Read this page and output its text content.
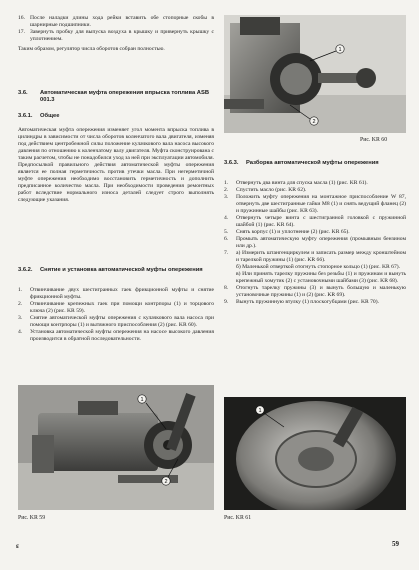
16. После наладки длины хода рейки вставить обе стопорные скобы в шарнирные подшипники.
17. Завернуть пробку для выпуска воздуха в крышку и привернуть крышку с уплотнением.

Таким образом, регулятор числа оборотов собран полностью.

3.6. Автоматическая муфта опережения впрыска топлива ASB 001.3
3.6.1. Общее

Автоматическая муфта опережения изменяет угол момента впрыска топлива в цилиндры в зависимости от числа оборотов коленчатого вала двигателя, изменяя под действием центробежной силы положение кулачкового вала насоса высокого давления по отношению к коленчатому валу двигателя. Муфта сконструирована с таким расчетом, чтобы не понадобился уход за ней при эксплуатации автомобиля. Предпосылкой правильного действия автоматической муфты опережения является ее полная герметичность против утечки масла. При негерметичной муфте опережения необходимо восстановить герметичность и дополнить предписанное количество масла. При необходимости проведения ремонтных работ вследствие нормального износа деталей следует строго выполнять следующие указания.

3.6.2. Снятие и установка автоматической муфты опережения
1.	Отвинчивание двух шестигранных гаек фрикционной муфты и снятие фрикционной муфты.
2.	Отвинчивание крепежных гаек при помощи контрпоры (1) и торцового ключа (2) (рис. KR 59).
3.	Снятие автоматической муфты опережения с кулачкового вала насоса при помощи контрпоры (1) и вытяжного приспособления (2) (рис. KR 60).
4.	Установка автоматической муфты опережения на насосе высокого давления производится в обратной последовательности.
1
2
Рис. KR 59
ɛ
1
2
Рис. KR 60
3.6.3. Разборка автоматической муфты опережения
1.	Отвернуть два винта для спуска масла (1) (рис. KR 61).
2.	Спустить масло (рис. KR 62).
3.	Положить муфту опережения на монтажное приспособление W 87, отвернуть две шестигранные гайки M8 (1) и снять ведущий фланец (2) и пружинные шайбы (рис. KR 63).
4.	Отвернуть четыре винта с шестигранной головкой с пружинной шайбой (1) (рис. KR 64).
5.	Снять корпус (1) и уплотнение (2) (рис. KR 65).
6.	Промыть автоматическую муфту опережения (промывным бензином или др.).
7.	а) Измерить штангенциркулем и записать размер между кронштейном и тарелкой пружины (1) (рис. KR 66).
б) Маленькой отверткой отогнуть стопорное кольцо (1) (рис. KR 67).
в) Или принять тарелку пружины без резьбы (1) и пружинам и вынуть крепежный хомутик (2) с установочными шайбами (3) (рис. KR 68).
8.	Отогнуть тарелку пружины (3) и вынуть большую и маленькую установочные пружины (1) и (2) (рис. KR 69).
9.	Вынуть пружинную втулку (1) плоскогубцами (рис. KR 70).
1
Рис. KR 61
59
